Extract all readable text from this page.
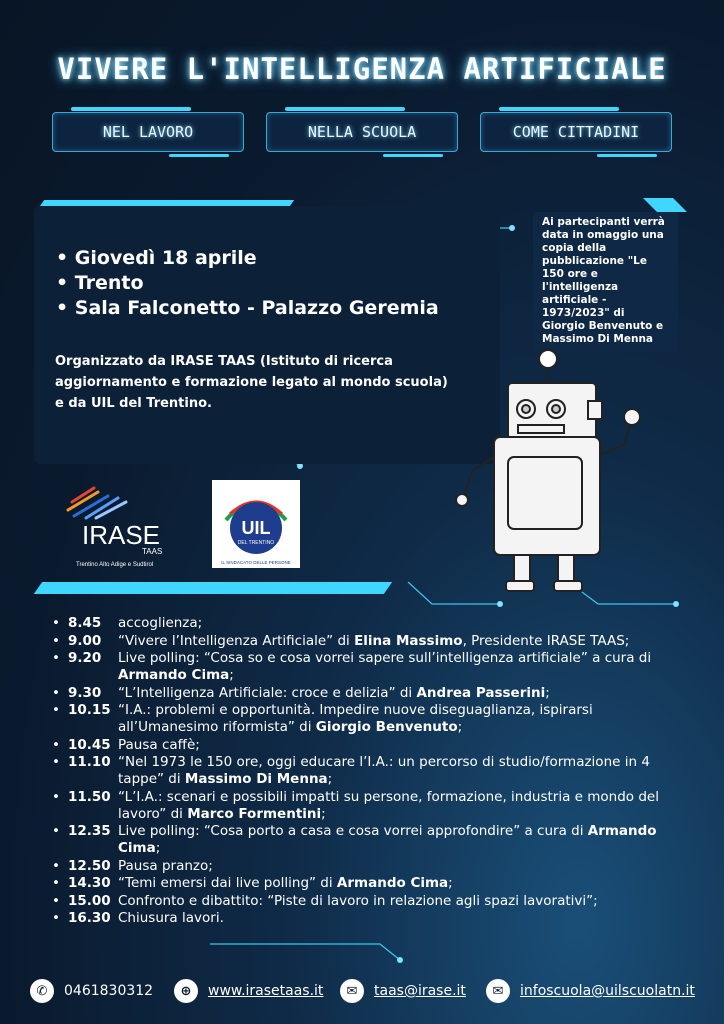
VIVERE L'INTELLIGENZA ARTIFICIALE
NEL LAVORO	NELLA SCUOLA	COME CITTADINI
• Giovedì 18 aprile
• Trento
• Sala Falconetto - Palazzo Geremia
Organizzato da IRASE TAAS (Istituto di ricerca
aggiornamento e formazione legato al mondo scuola)
e da UIL del Trentino.

Ai partecipanti verrà data in omaggio una copia della pubblicazione "Le 150 ore e l'intelligenza artificiale - 1973/2023" di Giorgio Benvenuto e Massimo Di Menna

IRASE
TAAS
Trentino Alto Adige e Sudtirol
UIL
DEL TRENTINO
IL SINDACATO DELLE PERSONE
• 8.45 accoglienza;
• 9.00 “Vivere l’Intelligenza Artificiale” di Elina Massimo, Presidente IRASE TAAS;
• 9.20 Live polling: “Cosa so e cosa vorrei sapere sull’intelligenza artificiale” a cura di Armando Cima;
• 9.30 “L’Intelligenza Artificiale: croce e delizia” di Andrea Passerini;
• 10.15 “I.A.: problemi e opportunità. Impedire nuove diseguaglianza, ispirarsi all’Umanesimo riformista” di Giorgio Benvenuto;
• 10.45 Pausa caffè;
• 11.10 “Nel 1973 le 150 ore, oggi educare l’I.A.: un percorso di studio/formazione in 4 tappe” di Massimo Di Menna;
• 11.50 “L’I.A.: scenari e possibili impatti su persone, formazione, industria e mondo del lavoro” di Marco Formentini;
• 12.35 Live polling: “Cosa porto a casa e cosa vorrei approfondire” a cura di Armando Cima;
• 12.50 Pausa pranzo;
• 14.30 “Temi emersi dai live polling” di Armando Cima;
• 15.00 Confronto e dibattito: “Piste di lavoro in relazione agli spazi lavorativi”;
• 16.30 Chiusura lavori.
✆	0461830312	⊕	www.irasetaas.it	✉	taas@irase.it	✉	infoscuola@uilscuolatn.it
